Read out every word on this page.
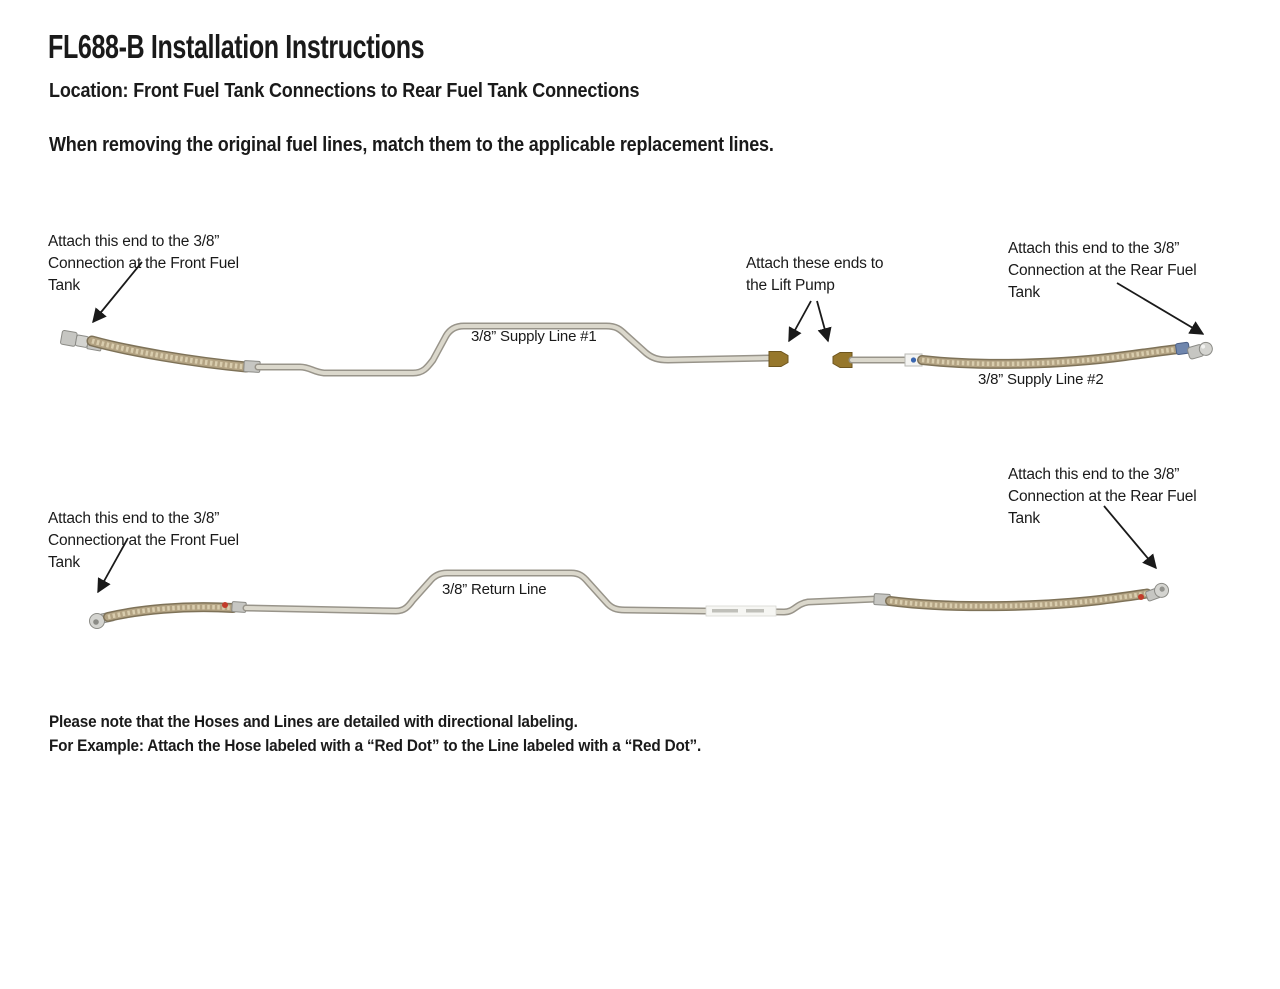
FL688-B Installation Instructions
Location: Front Fuel Tank Connections to Rear Fuel Tank Connections
When removing the original fuel lines, match them to the applicable replacement lines.
Attach this end to the 3/8”
Connection at the Front Fuel
Tank
Attach these ends to
the Lift Pump
Attach this end to the 3/8”
Connection at the Rear Fuel
Tank
3/8” Supply Line #1
3/8” Supply Line #2
Attach this end to the 3/8”
Connection at the Front Fuel
Tank
Attach this end to the 3/8”
Connection at the Rear Fuel
Tank
3/8” Return Line
Please note that the Hoses and Lines are detailed with directional labeling.
For Example: Attach the Hose labeled with a “Red Dot” to the Line labeled with a “Red Dot”.
